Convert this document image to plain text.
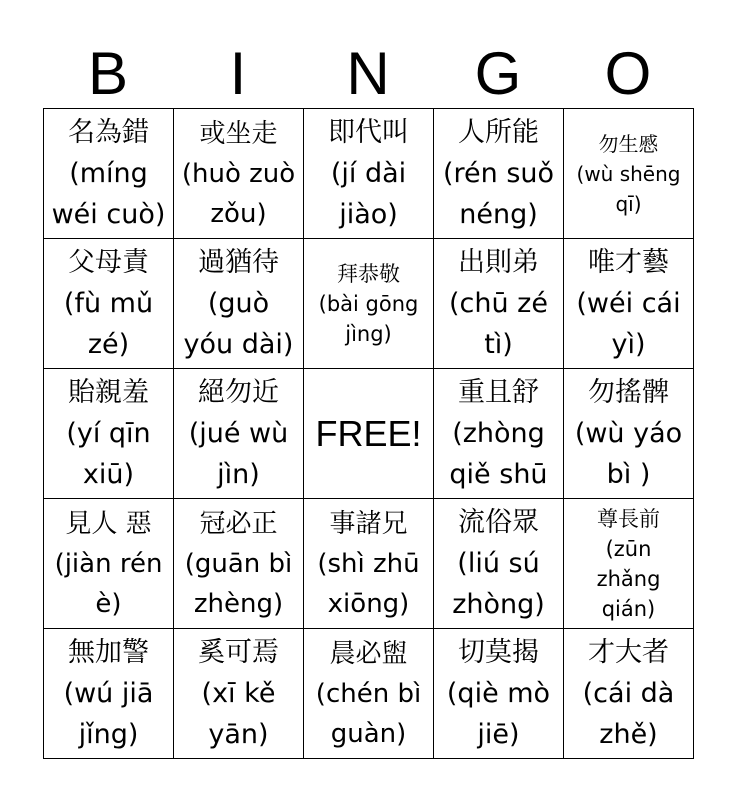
B	I	N	G	O
名為錯
(míng
wéi cuò)	或坐走
(huò zuò
zǒu)	即代叫
(jí dài
jiào)	人所能
(rén suǒ
néng)	勿生慼
(wù shēng
qī)

父母責
(fù mǔ
zé)	過猶待
(guò
yóu dài)	拜恭敬
(bài gōng
jìng)	出則弟
(chū zé
tì)	唯才藝
(wéi cái
yì)

貽親羞
(yí qīn
xiū)	絕勿近
(jué wù
jìn)	FREE!	重且舒
(zhòng
qiě shū	勿搖髀
(wù yáo
bì )

見人 惡
(jiàn rén
è)	冠必正
(guān bì
zhèng)	事諸兄
(shì zhū
xiōng)	流俗眾
(liú sú
zhòng)	尊長前
(zūn
zhǎng
qián)

無加警
(wú jiā
jǐng)	奚可焉
(xī kě
yān)	晨必盥
(chén bì
guàn)	切莫揭
(qiè mò
jiē)	才大者
(cái dà
zhě)
